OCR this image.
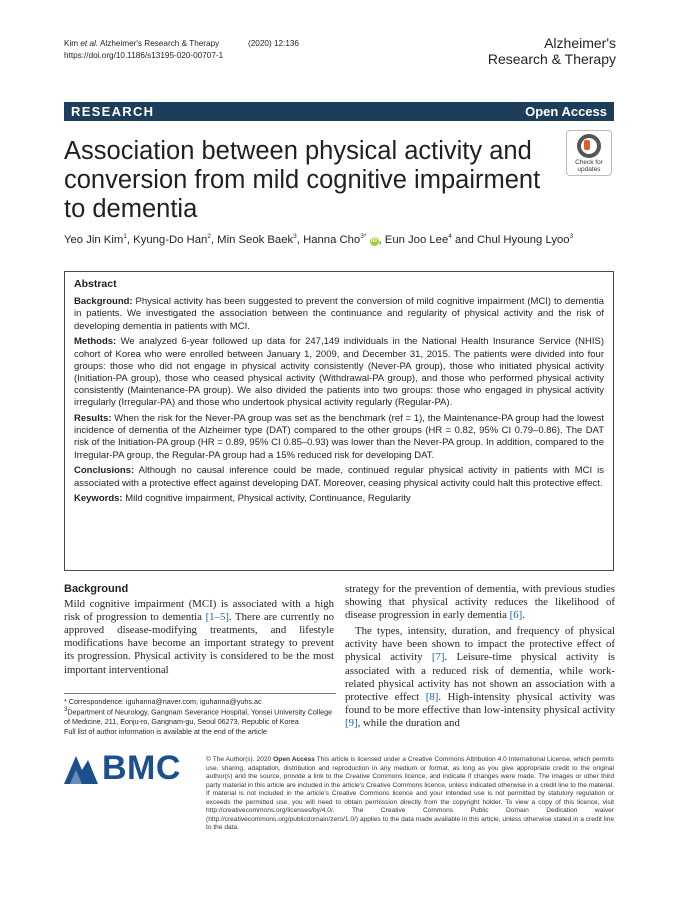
Kim et al. Alzheimer's Research & Therapy	(2020) 12:136
https://doi.org/10.1186/s13195-020-00707-1
Alzheimer's
Research & Therapy
RESEARCH	Open Access
Association between physical activity and conversion from mild cognitive impairment to dementia
Check for
updates
Yeo Jin Kim$^1$, Kyung-Do Han$^2$, Min Seok Baek$^3$, Hanna Cho$^{3*}$ iD , Eun Joo Lee$^4$ and Chul Hyoung Lyoo$^3$
Abstract

Background: Physical activity has been suggested to prevent the conversion of mild cognitive impairment (MCI) to dementia in patients. We investigated the association between the continuance and regularity of physical activity and the risk of developing dementia in patients with MCI.

Methods: We analyzed 6-year followed up data for 247,149 individuals in the National Health Insurance Service (NHIS) cohort of Korea who were enrolled between January 1, 2009, and December 31, 2015. The patients were divided into four groups: those who did not engage in physical activity consistently (Never-PA group), those who initiated physical activity (Initiation-PA group), those who ceased physical activity (Withdrawal-PA group), and those who performed physical activity consistently (Maintenance-PA group). We also divided the patients into two groups: those who engaged in physical activity irregularly (Irregular-PA) and those who undertook physical activity regularly (Regular-PA).

Results: When the risk for the Never-PA group was set as the benchmark (ref = 1), the Maintenance-PA group had the lowest incidence of dementia of the Alzheimer type (DAT) compared to the other groups (HR = 0.82, 95% CI 0.79–0.86). The DAT risk of the Initiation-PA group (HR = 0.89, 95% CI 0.85–0.93) was lower than the Never-PA group. In addition, compared to the Irregular-PA group, the Regular-PA group had a 15% reduced risk for developing DAT.

Conclusions: Although no causal inference could be made, continued regular physical activity in patients with MCI is associated with a protective effect against developing DAT. Moreover, ceasing physical activity could halt this protective effect.

Keywords: Mild cognitive impairment, Physical activity, Continuance, Regularity

Background

Mild cognitive impairment (MCI) is associated with a high risk of progression to dementia [1–5]. There are currently no approved disease-modifying treatments, and lifestyle modifications have become an important strategy to prevent its progression. Physical activity is considered to be the most important interventional

strategy for the prevention of dementia, with previous studies showing that physical activity reduces the likelihood of disease progression in early dementia [6].

The types, intensity, duration, and frequency of physical activity have been shown to impact the protective effect of physical activity [7]. Leisure-time physical activity is associated with a reduced risk of dementia, while work-related physical activity has not shown an association with a protective effect [8]. High-intensity physical activity was found to be more effective than low-intensity physical activity [9], while the duration and

* Correspondence: iguhanna@naver.com; iguhanna@yuhs.ac
$^3$Department of Neurology, Gangnam Severance Hospital, Yonsei University College of Medicine, 211, Eonju-ro, Gangnam-gu, Seoul 06273, Republic of Korea
Full list of author information is available at the end of the article
BMC	© The Author(s). 2020 Open Access This article is licensed under a Creative Commons Attribution 4.0 International License, which permits use, sharing, adaptation, distribution and reproduction in any medium or format, as long as you give appropriate credit to the original author(s) and the source, provide a link to the Creative Commons licence, and indicate if changes were made. The images or other third party material in this article are included in the article's Creative Commons licence, unless indicated otherwise in a credit line to the material. If material is not included in the article's Creative Commons licence and your intended use is not permitted by statutory regulation or exceeds the permitted use, you will need to obtain permission directly from the copyright holder. To view a copy of this licence, visit http://creativecommons.org/licenses/by/4.0/. The Creative Commons Public Domain Dedication waiver (http://creativecommons.org/publicdomain/zero/1.0/) applies to the data made available in this article, unless otherwise stated in a credit line to the data.
